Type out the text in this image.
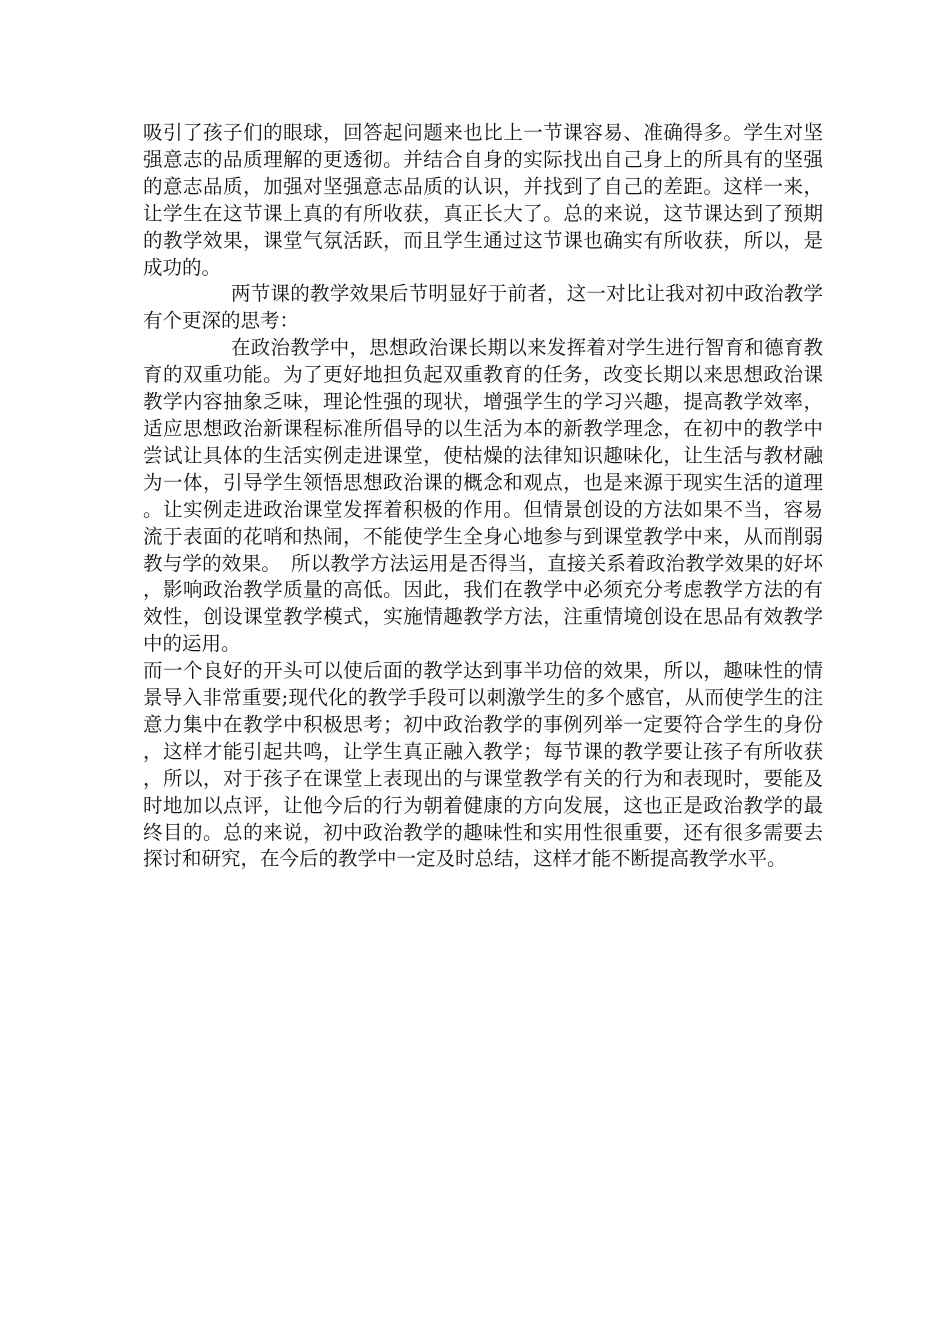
吸引了孩子们的眼球，回答起问题来也比上一节课容易、准确得多。学生对坚强意志的品质理解的更透彻。并结合自身的实际找出自己身上的所具有的坚强的意志品质，加强对坚强意志品质的认识，并找到了自己的差距。这样一来，让学生在这节课上真的有所收获，真正长大了。总的来说，这节课达到了预期的教学效果，课堂气氛活跃，而且学生通过这节课也确实有所收获，所以，是成功的。

两节课的教学效果后节明显好于前者，这一对比让我对初中政治教学有个更深的思考：

在政治教学中，思想政治课长期以来发挥着对学生进行智育和德育教育的双重功能。为了更好地担负起双重教育的任务，改变长期以来思想政治课教学内容抽象乏味，理论性强的现状，增强学生的学习兴趣，提高教学效率，适应思想政治新课程标准所倡导的以生活为本的新教学理念，在初中的教学中尝试让具体的生活实例走进课堂，使枯燥的法律知识趣味化，让生活与教材融为一体，引导学生领悟思想政治课的概念和观点，也是来源于现实生活的道理。让实例走进政治课堂发挥着积极的作用。但情景创设的方法如果不当，容易流于表面的花哨和热闹，不能使学生全身心地参与到课堂教学中来，从而削弱教与学的效果。　所以教学方法运用是否得当，直接关系着政治教学效果的好坏，影响政治教学质量的高低。因此，我们在教学中必须充分考虑教学方法的有效性，创设课堂教学模式，实施情趣教学方法，注重情境创设在思品有效教学中的运用。

而一个良好的开头可以使后面的教学达到事半功倍的效果，所以，趣味性的情景导入非常重要;现代化的教学手段可以刺激学生的多个感官，从而使学生的注意力集中在教学中积极思考；初中政治教学的事例列举一定要符合学生的身份，这样才能引起共鸣，让学生真正融入教学；每节课的教学要让孩子有所收获，所以，对于孩子在课堂上表现出的与课堂教学有关的行为和表现时，要能及时地加以点评，让他今后的行为朝着健康的方向发展，这也正是政治教学的最终目的。总的来说，初中政治教学的趣味性和实用性很重要，还有很多需要去探讨和研究，在今后的教学中一定及时总结，这样才能不断提高教学水平。
